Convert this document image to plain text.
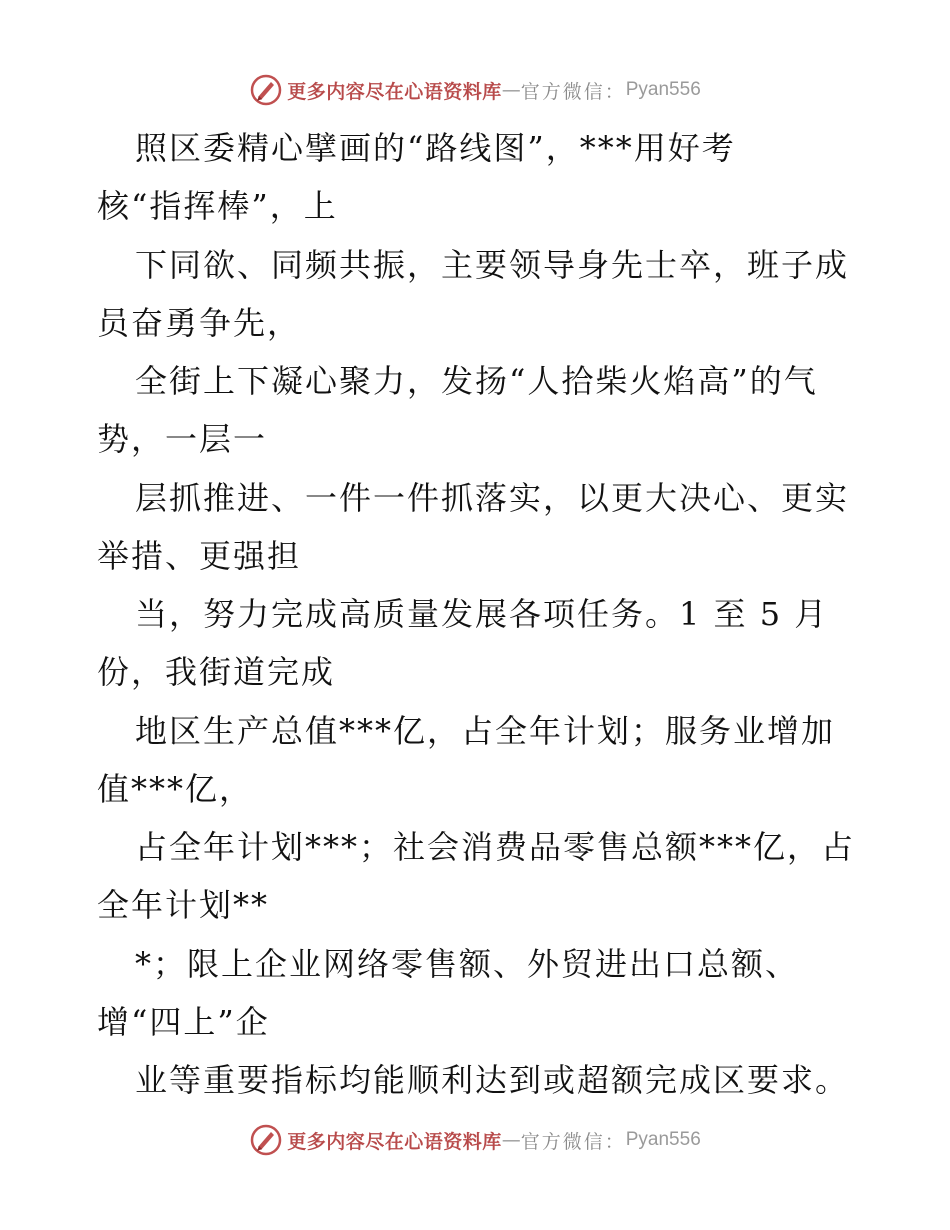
更多内容尽在心语资料库 — 官方微信： Pyan556
照区委精心擘画的“路线图”，***用好考
核“指挥棒”，上
下同欲、同频共振，主要领导身先士卒，班子成
员奋勇争先，
全街上下凝心聚力，发扬“人拾柴火焰高”的气
势，一层一
层抓推进、一件一件抓落实，以更大决心、更实
举措、更强担
当，努力完成高质量发展各项任务。1 至 5 月
份，我街道完成
地区生产总值***亿，占全年计划；服务业增加
值***亿，
占全年计划***；社会消费品零售总额***亿，占
全年计划**
*；限上企业网络零售额、外贸进出口总额、
增“四上”企
业等重要指标均能顺利达到或超额完成区要求。
更多内容尽在心语资料库 — 官方微信： Pyan556
